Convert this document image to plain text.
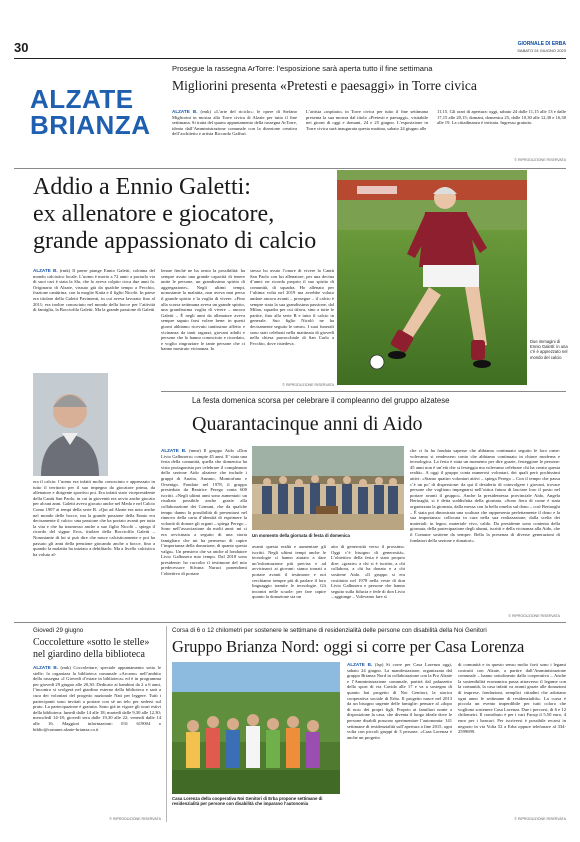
30	GIORNALE DI ERBA
SABATO 24 GIUGNO 2023
ALZATE
BRIANZA
Prosegue la rassegna ArTorre: l’esposizione sarà aperta tutto il fine settimana
Migliorini presenta «Pretesti e paesaggi» in Torre civica
ALZATE B. (rmk) «L’arte del riciclo»: le opere di Stefano Migliorini in mostra alla Torre civica di Alzate per tutto il fine settimana. Si tratta del quarto appuntamento della rassegna ArTorre, ideata dall’Amministrazione comunale con la direzione creativa dell’architetto e artista Riccardo Gaffuri.
L’artista «ospitato» in Torre civica per tutto il fine settimana presenta la sua mostra dal titolo «Pretesti e paesaggi», visitabile nei giorni di oggi e domani, 24 e 25 giugno. L’esposizione in Torre civica sarà inaugurata questa mattina, sabato 24 giugno alle
11,15. Gli orari di apertura: oggi, sabato 24 dalle 11,15 alle 13 e dalle 17,15 alle 20,15; domani, domenica 25, dalle 10,30 alle 12,30 e 16,30 alle 19. La cittadinanza è invitata. Ingresso gratuito.
© RIPRODUZIONE RISERVATA
Addio a Ennio Galetti:
ex allenatore e giocatore,
grande appassionato di calcio
Due immagini di Ennio Galetti: in una c’è è apprezzato nel mondo del calcio
ALZATE B. (rmk) Il paese piange Ennio Galetti, colonna del mondo calcistico locale. L’uomo è morto a 72 anni: a portarlo via di suoi cari è stata la Sla, che lo aveva colpito circa due anni fa. Originario di Alzate, vissuto già da qualche tempo a Fecchio, frazione cantùrina, con la moglie Katia e il figlio Nicolò. In paese era titolare della Galetti Pavimenti, in cui aveva lavorato fino al 2011; era inoltre conosciuto nel mondo della bocce per l’attività di famiglia, la Bocciofila Galetti. Ma la grande passione di Galetti
era il calcio: l’uomo era infatti molto conosciuto e apprezzato in tutto il territorio per il suo impegno da giocatore prima, da allenatore e dirigente sportivo poi. Era infatti stato vicepresidente della Cantù San Paolo, in cui in gioventù era avvio anche giocato per alcuni anni. Galetti aveva giocato anche nel Meda e nel Calcio Como 1907 ai tempi della serie B. «Qui ad Alzate era noto anche nel mondo delle bocce, ma la grande passione della Ennio era decisamente il calcio: una passione che ha portato avanti per tutta la vita e che ha trasmesso anche a suo figlio Nicolò – spiega il ricordo del sigpur Eros, titolare della Bocciofila Galetti – Nonostante di lui si può dire che nasce calcisticamente e poi ha passato gli anni della pensione giocando anche a bocce, fino a quando la malattia ha iniziato a debilitarlo. Ma a livello calcistico ha voluto al-
lenare finché ne ha avuto la possibilità: ha sempre avuto una grande capacità di tenere unite le persone, un grandissimo spirito di aggregazione». Negli ultimi tempi, nonostante la malattia, non aveva mai perso il grande spirito e la voglia di vivere. «Fino alla scorsa settimana aveva un grande spirito, una grandissima voglia di vivere – ancora Galetti – È negli anni da allenatore aveva sempre saputo farsi volere bene: in questi giorni abbiamo ricevuto tantissimo affetto e vicinanza da tanti ragazzi, giovani adulti e persone che lo hanno conosciuto e ricordato, e voglio ringraziare le tante persone che ci hanno mostrato vicinanza. Io
stesso ho avuto l’onore di vivere la Cantù San Paolo con lui allenatore, per una decina d’anni: ne ricordo proprio il suo spirito di comunità, di squadra. Ho allenato per l’ultima volta nel 2019 ma avrebbe voluto andare ancora avanti – prosegue – il calcio è sempre stata la sua grandissima passione, dal Milan, squadra per cui tifava, sino a tutte le partite, fino alla serie B e tutto il calcio in generale. Suo figlio Nicolò ne ha decisamente seguito le orme». I suoi funerali sono stati celebrati nella mattinata di giovedì nella chiesa parrocchiale di San Carlo a Fecchio, dove risiedeva.
© RIPRODUZIONE RISERVATA
La festa domenica scorsa per celebrare il compleanno del gruppo alzatese
Quarantacinque anni di Aido
ALZATE B. (mmr) Il gruppo Aido «Don Livio Galbusera» compie 45 anni. E’ stata una festa della comunità, quella che domenica ha visto protagonista per celebrare il compleanno della sezione Aido alzatese che include i gruppi di Anzita, Anzano, Montorfano e Orsenigo. Fondato nel 1978, il gruppo presieduto da Beatrice Perego conta 600 iscritti. «Negli ultimi anni sono aumentati: un risultato possibile anche grazie alla collaborazione dei Comuni, che da qualche tempo danno la possibilità di presentarsi nel rinnovo della carta d’identità di esprimere la volontà di donare gli organi – spiega Perego – Sono nell’associazione da molti anni: mi ci era avvicinata a seguito di una storia famigliare che mi ha permesso di capire l’importanza della donazione, di quanto questa valga». Un pensiero che va anche al fondatore Livio Galbusera mio tempo. Dal 2018 sono presidente: ho raccolto il testimone del mio predecessore Silvana Nuruci ponendomi l’obiettivo di portare
Un momento della giornata di festa di domenica
avanti questa realtà e aumentare gli iscritti. Negli ultimi tempi anche le tecnologie ci hanno aiutato a dare un’informazione più precisa e ad avvicinarci ai giovani: siamo tornati a portare avanti il testimone e noi cerchiamo sempre più di parlare il loro linguaggio tramite le tecnologie. Gli incontri nelle scuole: per fare capire quanto la donazione sia un
atto di generosità verso il prossimo. Oggi c’è bisogno di generosità». L’obiettivo della festa è stato proprio dire: «grazie» a chi si è iscritto, a chi collabora, a chi ha donato e a chi sostiene Aido. «Il gruppo si era costituito nel 1978 nella veste di don Livio Galbusera e persone che hanno seguito sulla fiducia e fede di don Livio – aggiunge – Volevamo fare sì
che ci fu ha fondata sapesse che abbiamo continuato seguito le loro orme: volevamo si rendessero conto che abbiamo continuato in chiave moderna e tecnologica. La festa è stata un momento per dire grazie, festeggiare le persone: 45 anni non è un’età che si festeggia ma volevamo celebrare chi ha creato questa realtà». A oggi il gruppo conta numerosi volontari, dei quali però pochissimi attivi: «Siamo quattro volontari attivi – spiega Perego – Con il tempo che passa c’è un po’ di dispersione: da qui il desiderio di coinvolgere i giovani, trovare persone che vogliono impegnarsi nell’ottica futura di lasciare loro il posto nel portare avanti il gruppo». Anche la presidentessa provinciale Aido, Angela Bertoaghi, si è detta soddisfatta della giornata. «Sono fiera di come è stata organizzata la giornata, dalla messa con la bella omelia sul dono – così Bertaoghi – È stata poi dimostrata una scultura che rappresenta perfettamente il dono e la sua importanza: collocata in cura nella sua realizzazione, dalla scelta dei materiali: in legno, materiale vivo, caldo. Da presidente sono contenta della giornata, della partecipazione degli alunni, iscritti e della vicinanza alla Aido, che il Comune sostiene da sempre. Bella la presenza di diverse generazioni di fondatori della sezione e donatori».
© RIPRODUZIONE RISERVATA
Giovedì 29 giugno
Coccoletture «sotto le stelle»
nel giardino della biblioteca
ALZATE B. (rmk) Coccoletture, speciale appuntamento sotto le stelle: lo organizza la biblioteca comunale «Arcano» nell’ambito della rassegna «I Giovedì d’estate in biblioteca» ed è in programma per giovedì 29 giugno alle 20,30. Dedicato ai bambini da 2 a 6 anni, l’incontro si svolgerà nel giardino esterno della biblioteca e sarà a cura dei volontari del progetto nazionale Nati per leggere. Tutti i partecipanti sono invitati a portare con sé un telo per sedersi sul prato. La partecipazione è gratuita. Sono già in vigore gli orari estivi della biblioteca: lunedì dalle 14 alle 18; martedì dalle 9,30 alle 12,30; mercoledì 14-18; giovedì sera dalle 19,30 alle 22; venerdì dalle 14 alle 16. Maggiori informazioni: 031 619004 o biblio@comune.alzate-brianza.co.it
© RIPRODUZIONE RISERVATA
Corsa di 6 o 12 chilometri per sostenere le settimane di residenzialità delle persone con disabilità della Noi Genitori
Gruppo Brianza Nord: oggi si corre per Casa Lorenza
Casa Lorenza della cooperativa Noi Genitori di Erba propone settimane di residenzialità per persone con disabilità che imparano l’autonomia
ALZATE B. (lsp) Si corre per Casa Lorenza oggi, sabato 24 giugno. La manifestazione, organizzata dal gruppo Brianza Nord in collaborazione con la Pro Alzate e l’Amministrazione comunale, partirà dal palazzetto dello sport di via Cavida alle 17 e va a sostegno di quanto hai progetto di Noi Genitori, la storica cooperativa sociale di Erba. Il progetto nasce nel 2013 da un bisogno urgente delle famiglie: pensare al «dopo di noi» dei propri figli. Proprio ai familiari nonte a disposizione la casa, che diventa il luogo ideale dove le persone disabili possono sperimentare l’autonomia: 141 settimane di residenzialità sull’apertura a fine 2015, ogni volta con piccoli gruppi di 3 persone. «Casa Lorenza è anche un progetto
di comunità e in questo senso molto forti sono i legami costruiti con Alzate, a partire dall’Amministrazione comunale – hanno sottolineato dalla cooperativa – Anche la sostenibilità economica passa attraverso il legame con la comunità, la casa infatti va avanti grazie alle donazioni di imprese, fondazioni, semplici cittadini che adottano ogni anno le settimane di residenzialità». La corsa è piccola un evento imperdibile per tutti coloro che vogliono sostenere Casa Lorenza. Due i percorsi, di 6 e 12 chilometri. Il contributo è per i vari Facup il 5,50 euro, 4 euro per i bancari. Per iscriversi è possibile recarsi in negozio in via Volta 52 a Erba oppure telefonare al 334-2599699.
© RIPRODUZIONE RISERVATA
